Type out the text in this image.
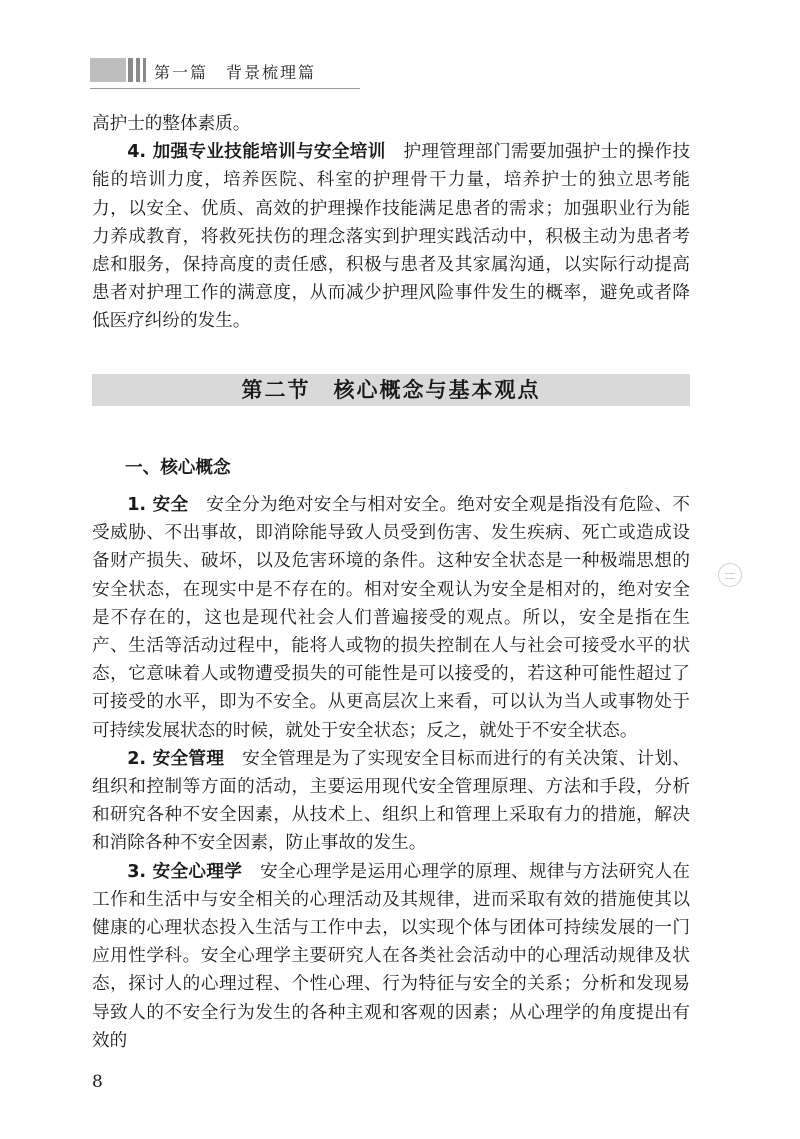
第一篇　背景梳理篇

高护士的整体素质。

4. 加强专业技能培训与安全培训 护理管理部门需要加强护士的操作技能的培训力度，培养医院、科室的护理骨干力量，培养护士的独立思考能力，以安全、优质、高效的护理操作技能满足患者的需求；加强职业行为能力养成教育，将救死扶伤的理念落实到护理实践活动中，积极主动为患者考虑和服务，保持高度的责任感，积极与患者及其家属沟通，以实际行动提高患者对护理工作的满意度，从而减少护理风险事件发生的概率，避免或者降低医疗纠纷的发生。

第二节　核心概念与基本观点
一、核心概念

1. 安全 安全分为绝对安全与相对安全。绝对安全观是指没有危险、不受威胁、不出事故，即消除能导致人员受到伤害、发生疾病、死亡或造成设备财产损失、破坏，以及危害环境的条件。这种安全状态是一种极端思想的安全状态，在现实中是不存在的。相对安全观认为安全是相对的，绝对安全是不存在的，这也是现代社会人们普遍接受的观点。所以，安全是指在生产、生活等活动过程中，能将人或物的损失控制在人与社会可接受水平的状态，它意味着人或物遭受损失的可能性是可以接受的，若这种可能性超过了可接受的水平，即为不安全。从更高层次上来看，可以认为当人或事物处于可持续发展状态的时候，就处于安全状态；反之，就处于不安全状态。

2. 安全管理 安全管理是为了实现安全目标而进行的有关决策、计划、组织和控制等方面的活动，主要运用现代安全管理原理、方法和手段，分析和研究各种不安全因素，从技术上、组织上和管理上采取有力的措施，解决和消除各种不安全因素，防止事故的发生。

3. 安全心理学 安全心理学是运用心理学的原理、规律与方法研究人在工作和生活中与安全相关的心理活动及其规律，进而采取有效的措施使其以健康的心理状态投入生活与工作中去，以实现个体与团体可持续发展的一门应用性学科。安全心理学主要研究人在各类社会活动中的心理活动规律及状态，探讨人的心理过程、个性心理、行为特征与安全的关系；分析和发现易导致人的不安全行为发生的各种主观和客观的因素；从心理学的角度提出有效的

8
